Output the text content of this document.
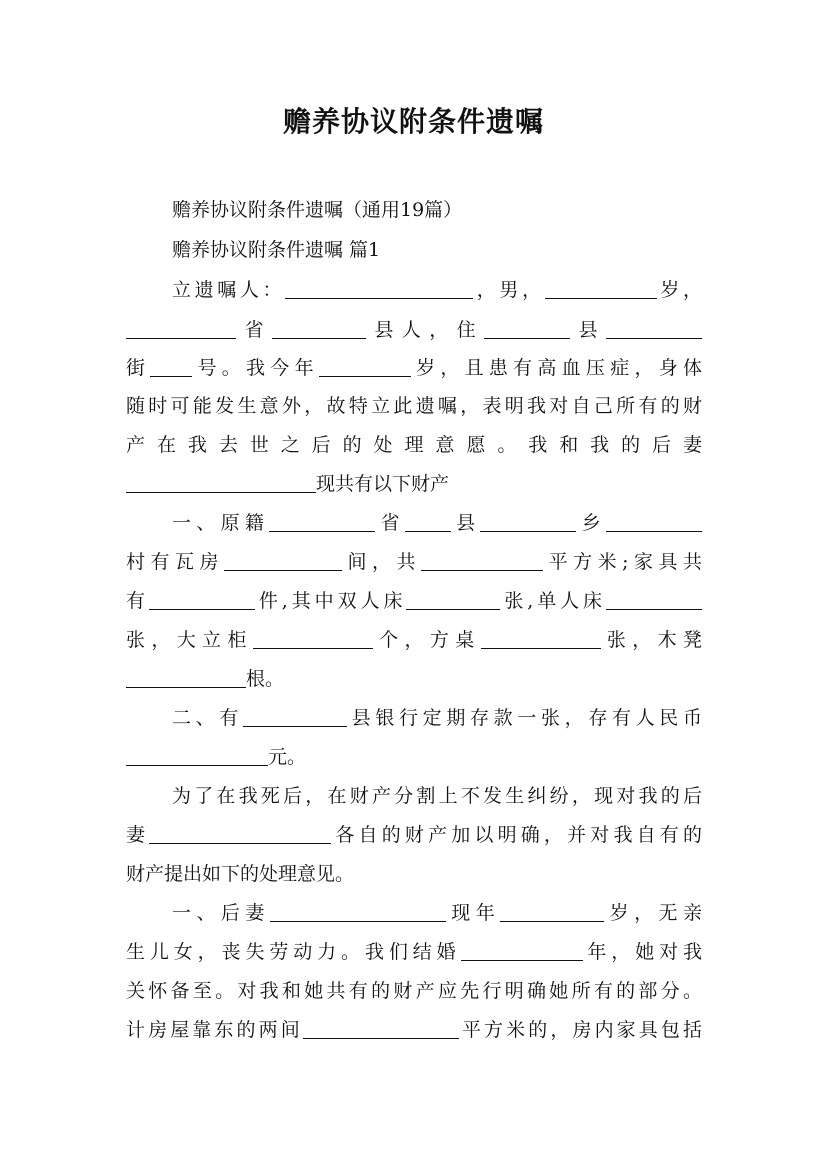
赡养协议附条件遗嘱
赡养协议附条件遗嘱（通用19篇）
赡养协议附条件遗嘱 篇1
立遗嘱人：	，男，	岁，
省	县人，住	县
街 号。我今年	岁，且患有高血压症，身体
随时可能发生意外，故特立此遗嘱，表明我对自己所有的财
产在我去世之后的处理意愿。我和我的后妻
现共有以下财产
一、原籍	省 县	乡
村有瓦房	间，共	平方米;家具共
有	件,其中双人床	张,单人床
张，大立柜	个，方桌	张，木凳
根。
二、有	县银行定期存款一张，存有人民币
元。
为了在我死后，在财产分割上不发生纠纷，现对我的后
妻	各自的财产加以明确，并对我自有的
财产提出如下的处理意见。
一、后妻	现年	岁，无亲
生儿女，丧失劳动力。我们结婚	年，她对我
关怀备至。对我和她共有的财产应先行明确她所有的部分。
计房屋靠东的两间	平方米的，房内家具包括
